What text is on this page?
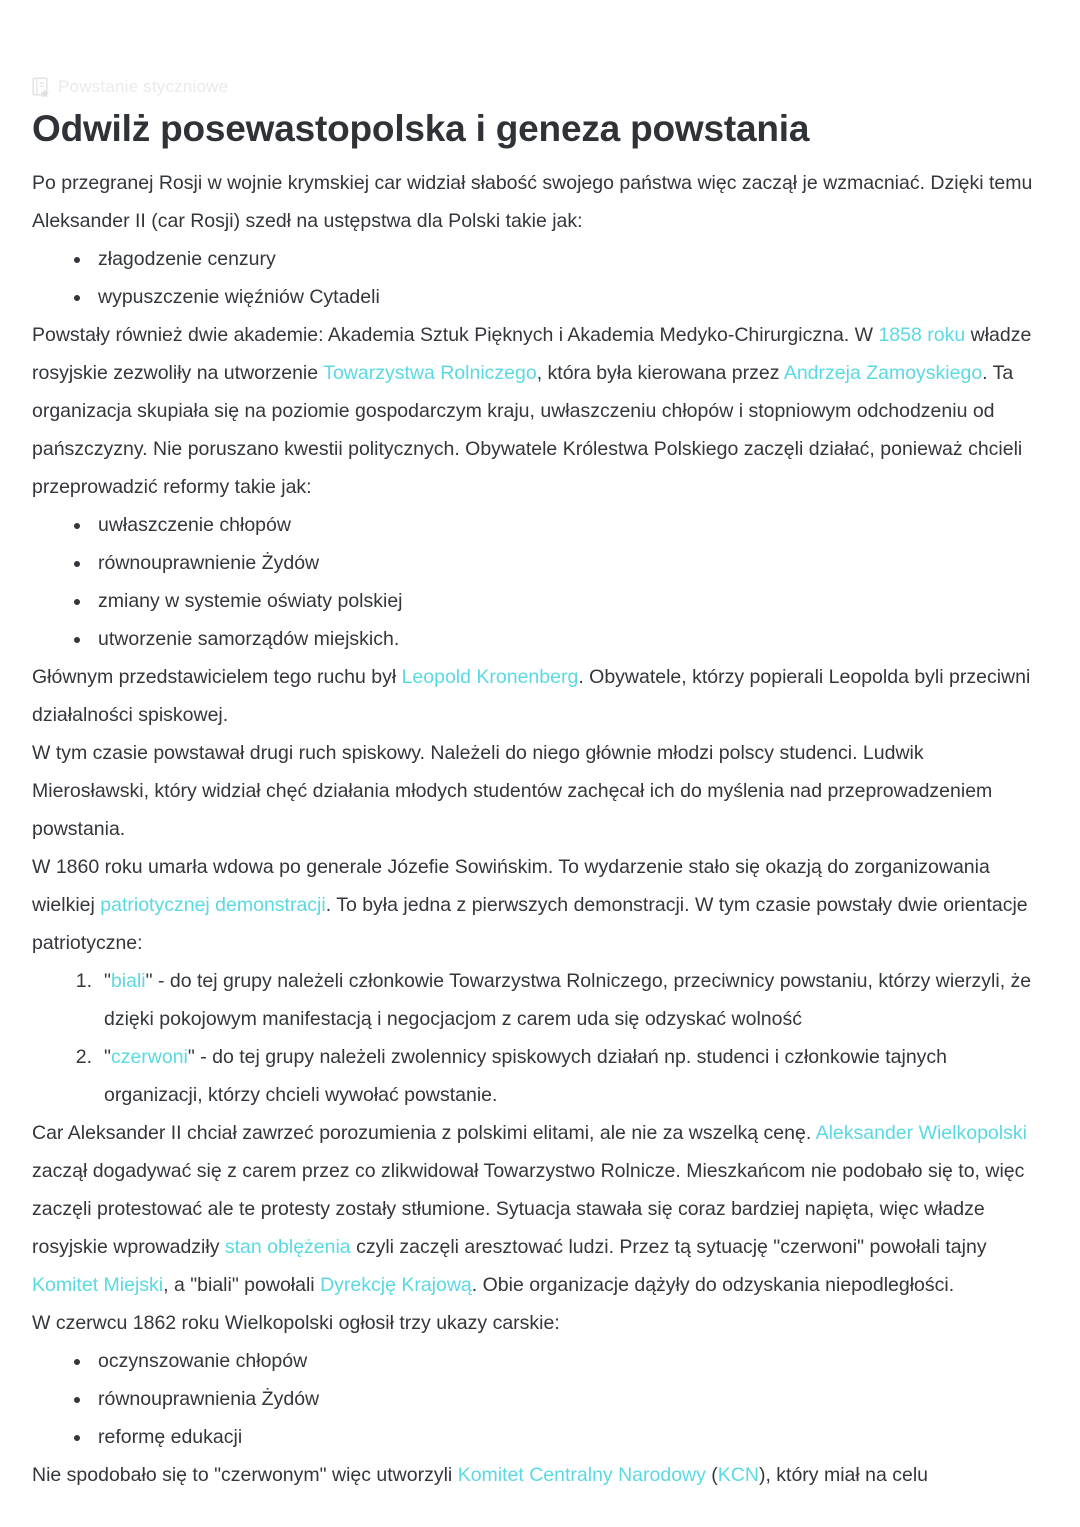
Powstanie styczniowe
Odwilż posewastopolska i geneza powstania

Po przegranej Rosji w wojnie krymskiej car widział słabość swojego państwa więc zaczął je wzmacniać. Dzięki temu Aleksander II (car Rosji) szedł na ustępstwa dla Polski takie jak:

złagodzenie cenzury
wypuszczenie więźniów Cytadeli

Powstały również dwie akademie: Akademia Sztuk Pięknych i Akademia Medyko-Chirurgiczna. W 1858 roku władze rosyjskie zezwoliły na utworzenie Towarzystwa Rolniczego, która była kierowana przez Andrzeja Zamoyskiego. Ta organizacja skupiała się na poziomie gospodarczym kraju, uwłaszczeniu chłopów i stopniowym odchodzeniu od pańszczyzny. Nie poruszano kwestii politycznych. Obywatele Królestwa Polskiego zaczęli działać, ponieważ chcieli przeprowadzić reformy takie jak:

uwłaszczenie chłopów
równouprawnienie Żydów
zmiany w systemie oświaty polskiej
utworzenie samorządów miejskich.

Głównym przedstawicielem tego ruchu był Leopold Kronenberg. Obywatele, którzy popierali Leopolda byli przeciwni działalności spiskowej.

W tym czasie powstawał drugi ruch spiskowy. Należeli do niego głównie młodzi polscy studenci. Ludwik Mierosławski, który widział chęć działania młodych studentów zachęcał ich do myślenia nad przeprowadzeniem powstania.

W 1860 roku umarła wdowa po generale Józefie Sowińskim. To wydarzenie stało się okazją do zorganizowania wielkiej patriotycznej demonstracji. To była jedna z pierwszych demonstracji. W tym czasie powstały dwie orientacje patriotyczne:

"biali" - do tej grupy należeli członkowie Towarzystwa Rolniczego, przeciwnicy powstaniu, którzy wierzyli, że dzięki pokojowym manifestacją i negocjacjom z carem uda się odzyskać wolność
"czerwoni" - do tej grupy należeli zwolennicy spiskowych działań np. studenci i członkowie tajnych organizacji, którzy chcieli wywołać powstanie.

Car Aleksander II chciał zawrzeć porozumienia z polskimi elitami, ale nie za wszelką cenę. Aleksander Wielkopolski zaczął dogadywać się z carem przez co zlikwidował Towarzystwo Rolnicze. Mieszkańcom nie podobało się to, więc zaczęli protestować ale te protesty zostały stłumione. Sytuacja stawała się coraz bardziej napięta, więc władze rosyjskie wprowadziły stan oblężenia czyli zaczęli aresztować ludzi. Przez tą sytuację "czerwoni" powołali tajny Komitet Miejski, a "biali" powołali Dyrekcję Krajową. Obie organizacje dążyły do odzyskania niepodległości.

W czerwcu 1862 roku Wielkopolski ogłosił trzy ukazy carskie:

oczynszowanie chłopów
równouprawnienia Żydów
reformę edukacji

Nie spodobało się to "czerwonym" więc utworzyli Komitet Centralny Narodowy (KCN), który miał na celu
